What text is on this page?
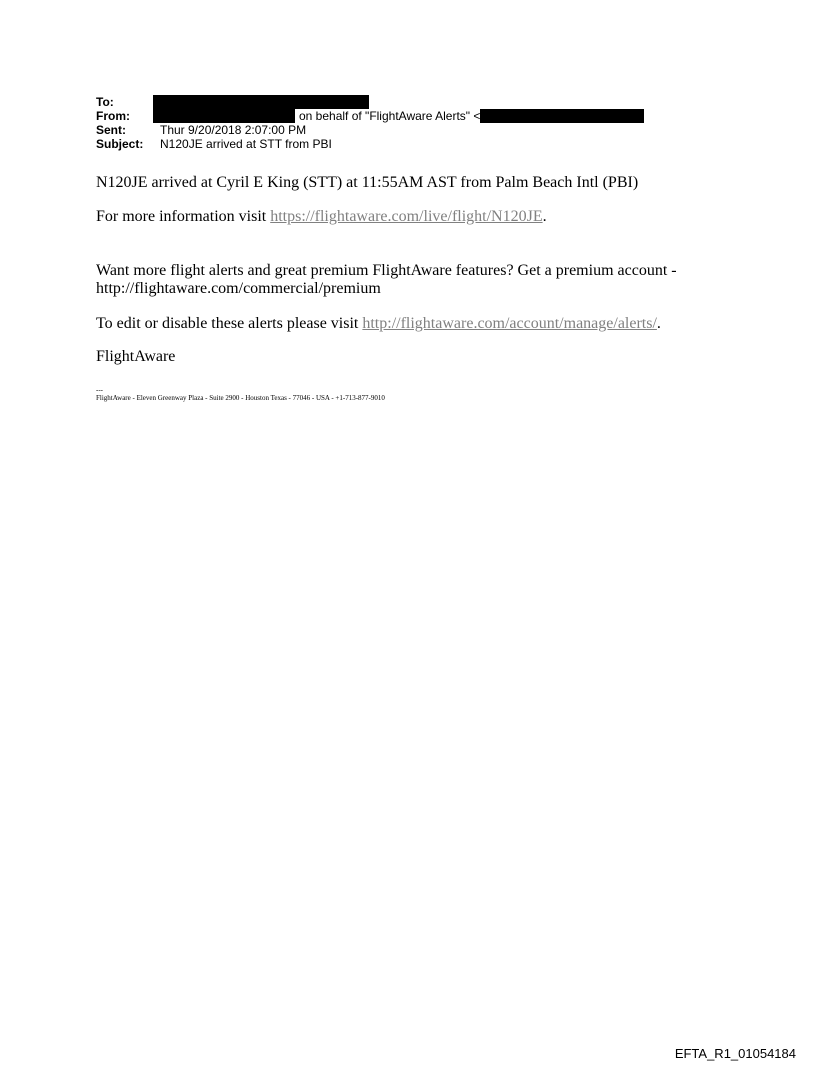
To:
From:	on behalf of "FlightAware Alerts" <
Sent:	Thur 9/20/2018 2:07:00 PM
Subject:	N120JE arrived at STT from PBI
N120JE arrived at Cyril E King (STT) at 11:55AM AST from Palm Beach Intl (PBI)
For more information visit https://flightaware.com/live/flight/N120JE.
Want more flight alerts and great premium FlightAware features? Get a premium account -
http://flightaware.com/commercial/premium
To edit or disable these alerts please visit http://flightaware.com/account/manage/alerts/.
FlightAware
---
FlightAware - Eleven Greenway Plaza - Suite 2900 - Houston Texas - 77046 - USA - +1-713-877-9010
EFTA_R1_01054184
